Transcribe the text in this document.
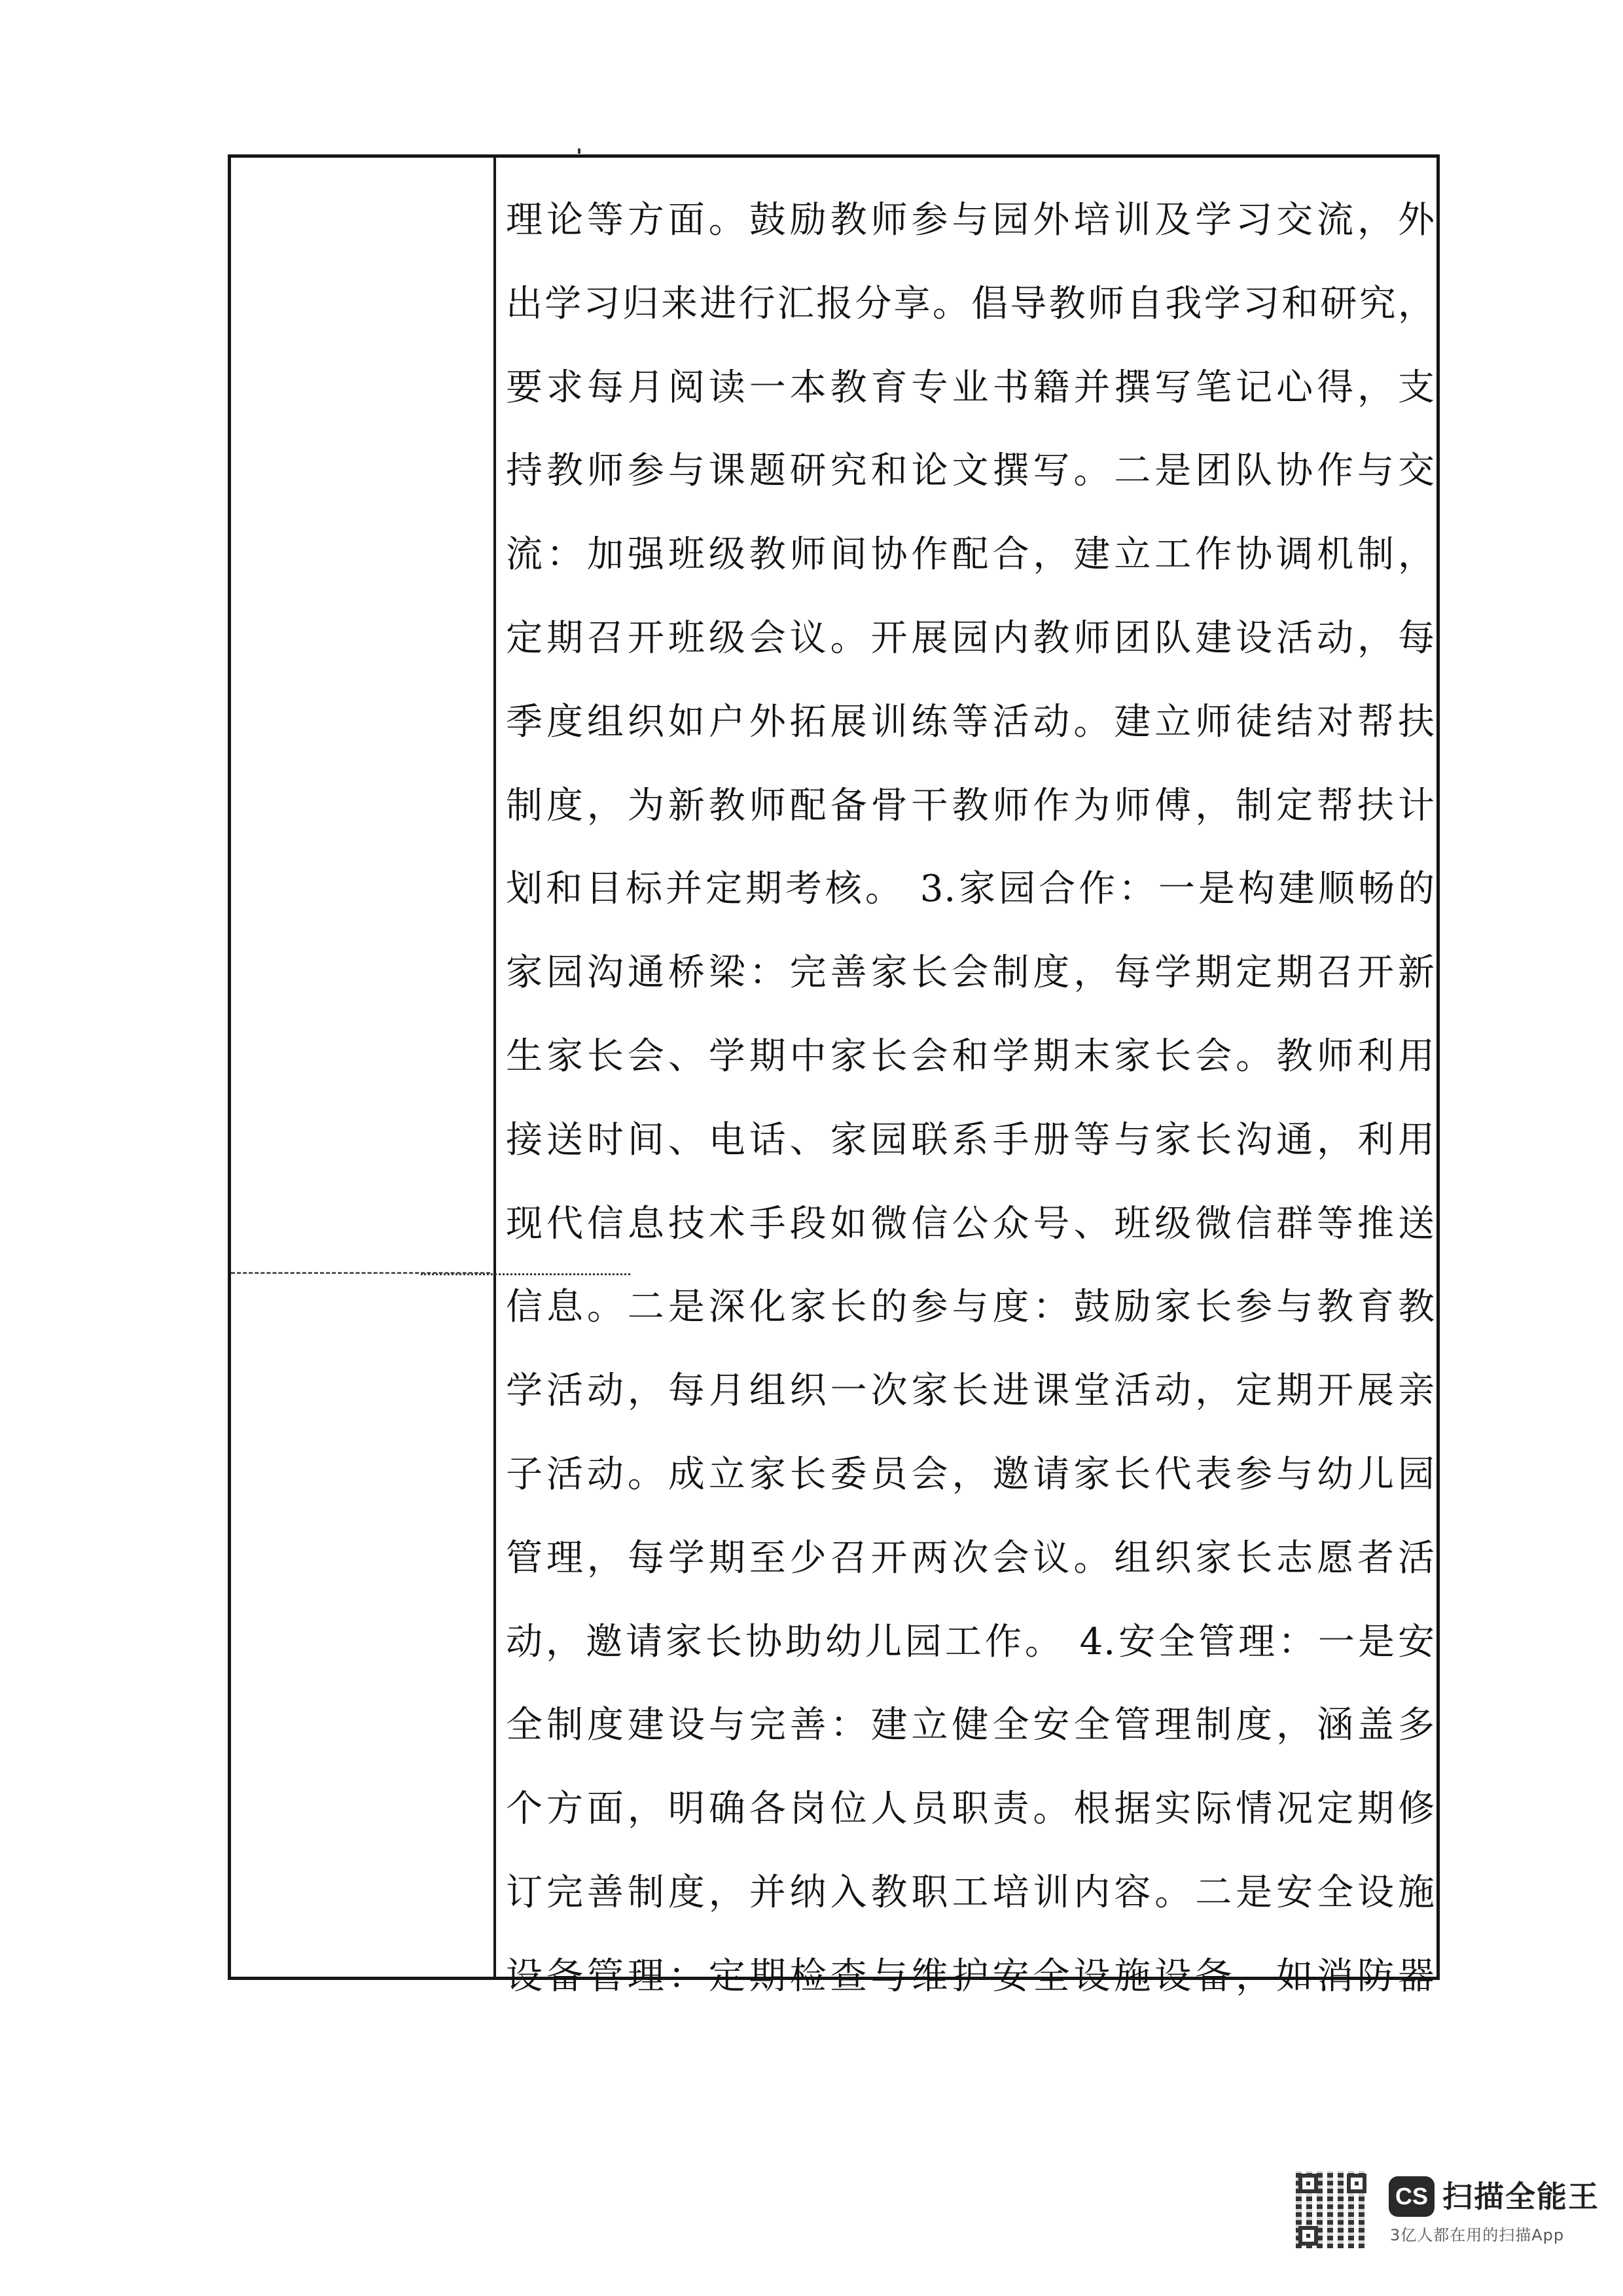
理论等方面。鼓励教师参与园外培训及学习交流，外
出学习归来进行汇报分享。倡导教师自我学习和研究，
要求每月阅读一本教育专业书籍并撰写笔记心得，支
持教师参与课题研究和论文撰写。二是团队协作与交
流：加强班级教师间协作配合，建立工作协调机制，
定期召开班级会议。开展园内教师团队建设活动，每
季度组织如户外拓展训练等活动。建立师徒结对帮扶
制度，为新教师配备骨干教师作为师傅，制定帮扶计
划和目标并定期考核。 3.家园合作：一是构建顺畅的
家园沟通桥梁：完善家长会制度，每学期定期召开新
生家长会、学期中家长会和学期末家长会。教师利用
接送时间、电话、家园联系手册等与家长沟通，利用
现代信息技术手段如微信公众号、班级微信群等推送
信息。二是深化家长的参与度：鼓励家长参与教育教
学活动，每月组织一次家长进课堂活动，定期开展亲
子活动。成立家长委员会，邀请家长代表参与幼儿园
管理，每学期至少召开两次会议。组织家长志愿者活
动，邀请家长协助幼儿园工作。 4.安全管理：一是安
全制度建设与完善：建立健全安全管理制度，涵盖多
个方面，明确各岗位人员职责。根据实际情况定期修
订完善制度，并纳入教职工培训内容。二是安全设施
设备管理：定期检查与维护安全设施设备，如消防器
CS 扫描全能王
3亿人都在用的扫描App
